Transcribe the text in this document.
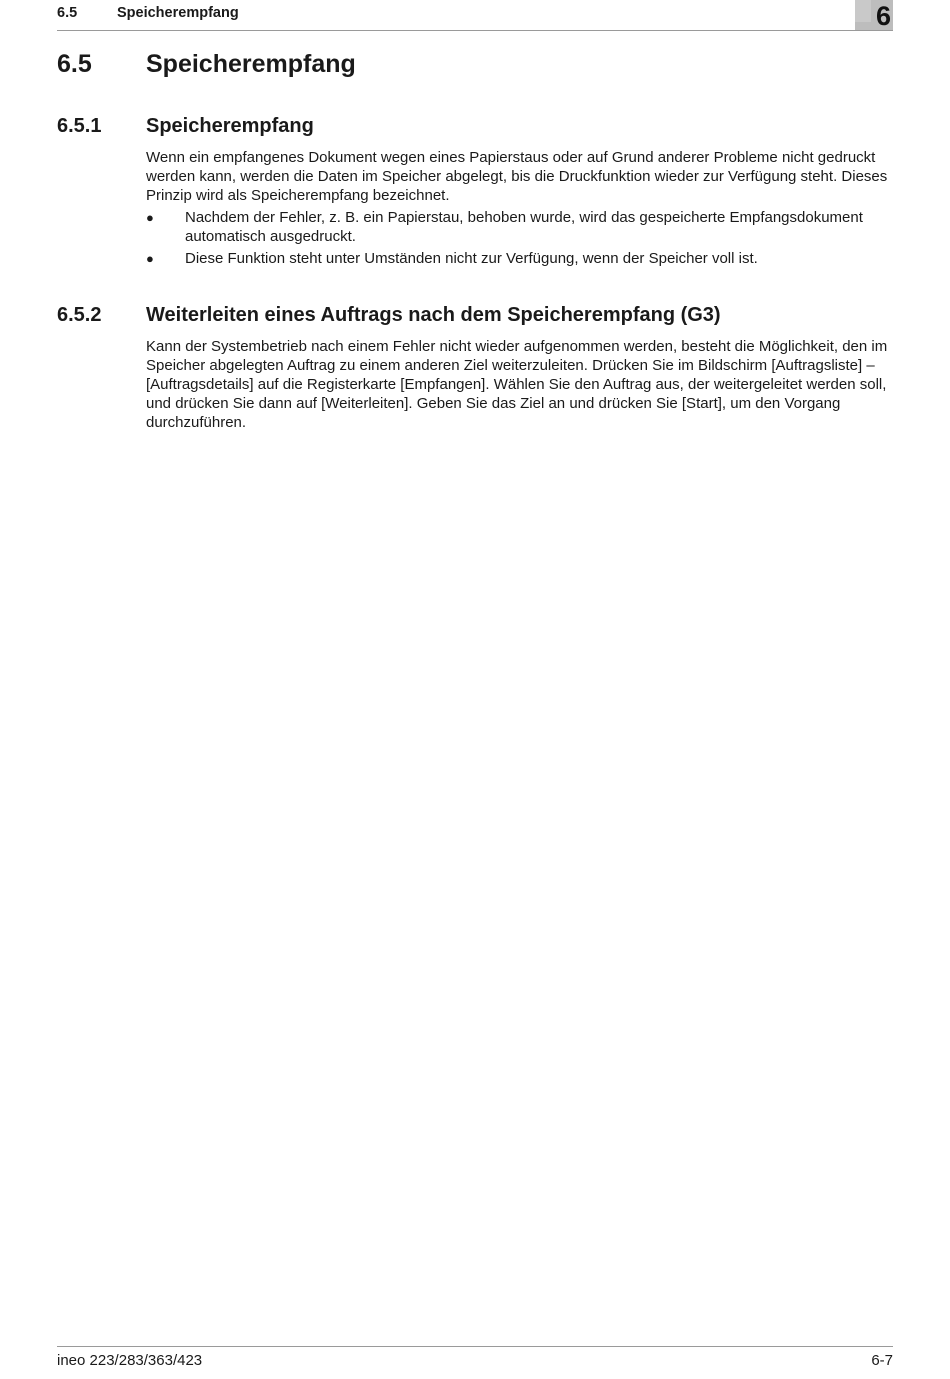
6.5	Speicherempfang	6
6.5 Speicherempfang
6.5.1 Speicherempfang

Wenn ein empfangenes Dokument wegen eines Papierstaus oder auf Grund anderer Probleme nicht gedruckt werden kann, werden die Daten im Speicher abgelegt, bis die Druckfunktion wieder zur Verfügung steht. Dieses Prinzip wird als Speicherempfang bezeichnet.

● Nachdem der Fehler, z. B. ein Papierstau, behoben wurde, wird das gespeicherte Empfangsdokument automatisch ausgedruckt.
● Diese Funktion steht unter Umständen nicht zur Verfügung, wenn der Speicher voll ist.
6.5.2 Weiterleiten eines Auftrags nach dem Speicherempfang (G3)

Kann der Systembetrieb nach einem Fehler nicht wieder aufgenommen werden, besteht die Möglichkeit, den im Speicher abgelegten Auftrag zu einem anderen Ziel weiterzuleiten. Drücken Sie im Bildschirm [Auftragsliste] – [Auftragsdetails] auf die Registerkarte [Empfangen]. Wählen Sie den Auftrag aus, der weitergeleitet werden soll, und drücken Sie dann auf [Weiterleiten]. Geben Sie das Ziel an und drücken Sie [Start], um den Vorgang durchzuführen.

ineo 223/283/363/423	6-7
